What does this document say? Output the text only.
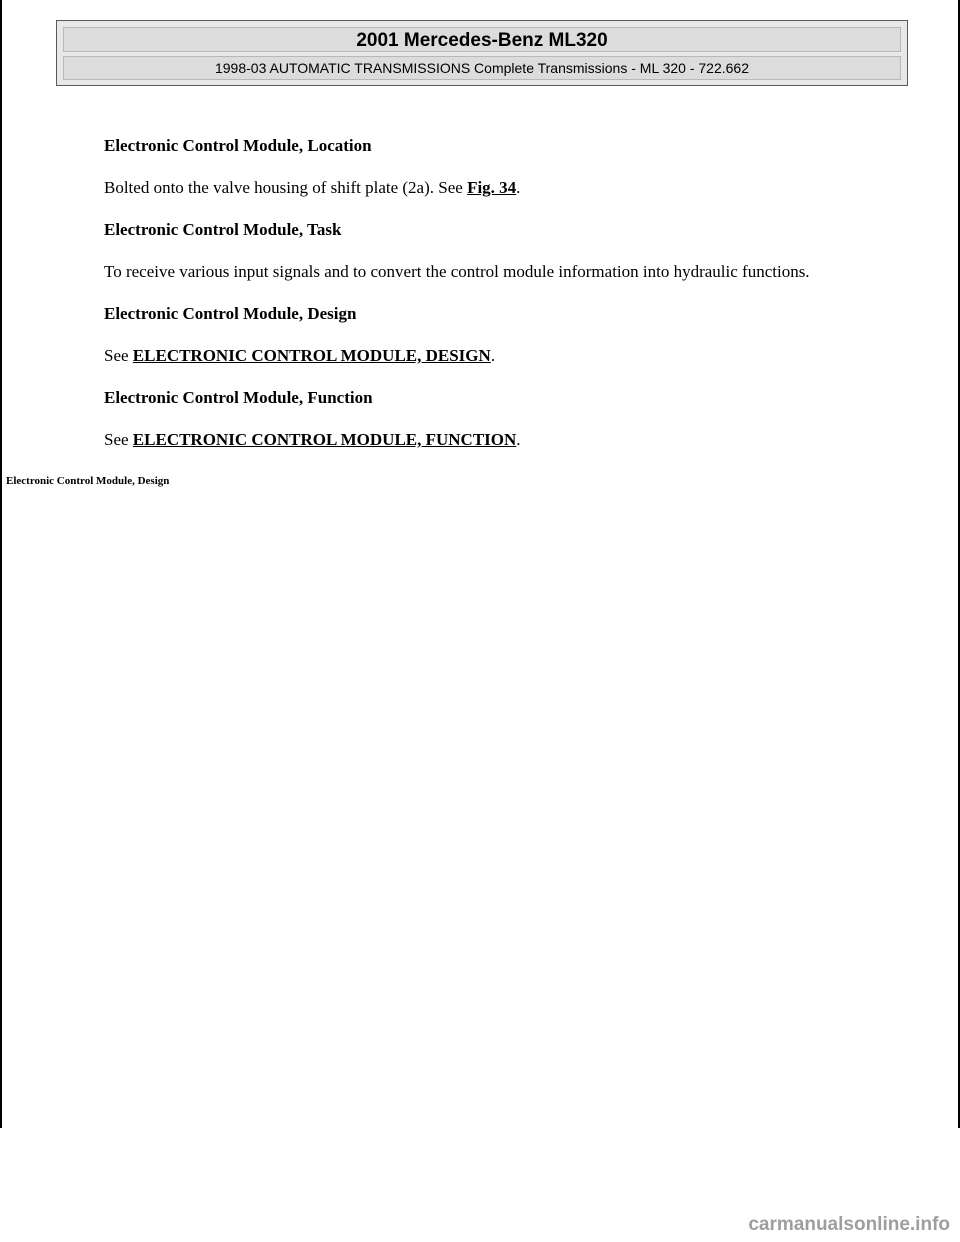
2001 Mercedes-Benz ML320
1998-03 AUTOMATIC TRANSMISSIONS Complete Transmissions - ML 320 - 722.662

Electronic Control Module, Location

Bolted onto the valve housing of shift plate (2a). See Fig. 34.

Electronic Control Module, Task

To receive various input signals and to convert the control module information into hydraulic functions.

Electronic Control Module, Design

See ELECTRONIC CONTROL MODULE, DESIGN.

Electronic Control Module, Function

See ELECTRONIC CONTROL MODULE, FUNCTION.

Electronic Control Module, Design
carmanualsonline.info
